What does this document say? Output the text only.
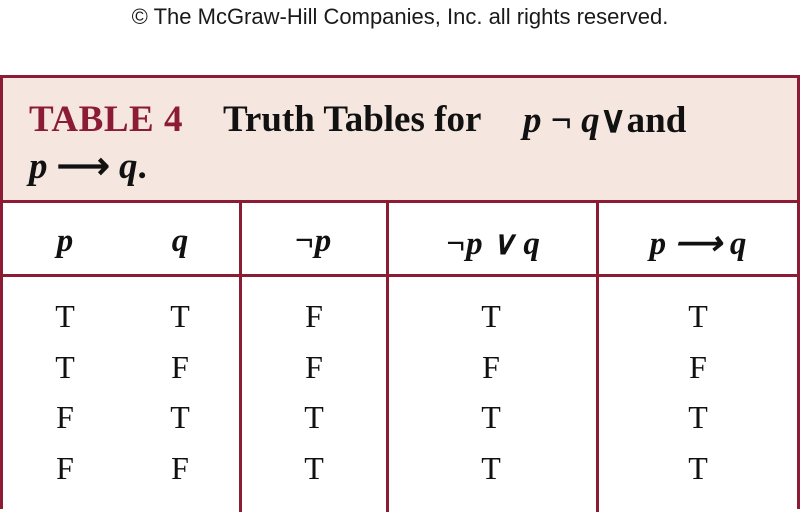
© The McGraw-Hill Companies, Inc. all rights reserved.
TABLE 4 Truth Tables for p ¬ q∨and
p ⟶ q.
p	q	¬p	¬p ∨ q	p ⟶ q
T	T	F	T	T
T	F	F	F	F
F	T	T	T	T
F	F	T	T	T
